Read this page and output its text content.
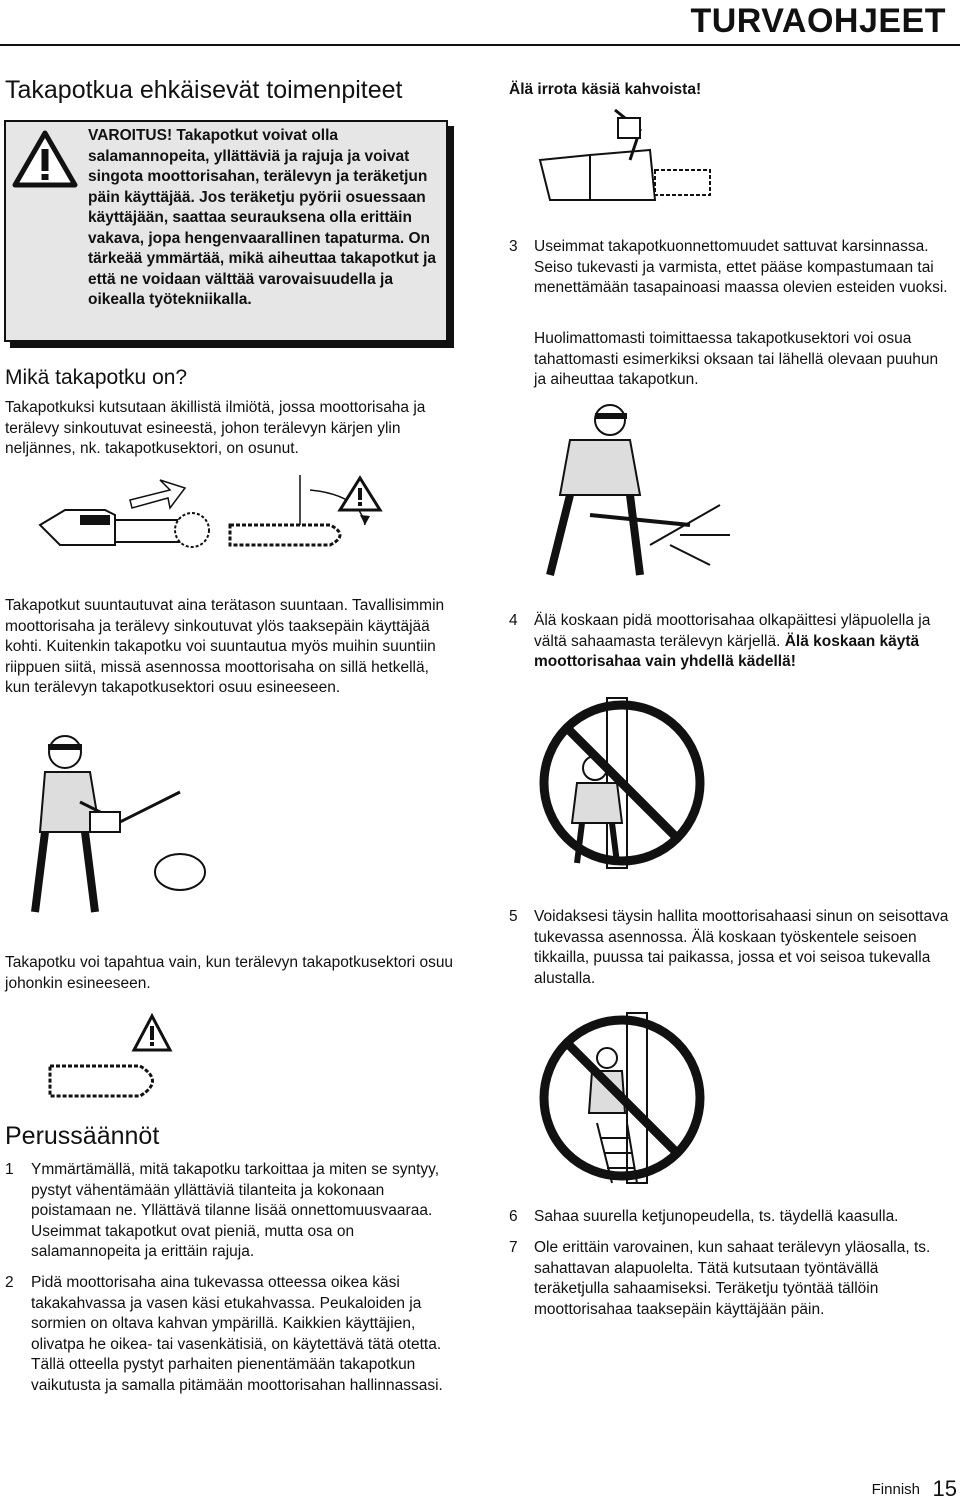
TURVAOHJEET
Takapotkua ehkäisevät toimenpiteet
VAROITUS! Takapotkut voivat olla salamannopeita, yllättäviä ja rajuja ja voivat singota moottorisahan, terälevyn ja teräketjun päin käyttäjää. Jos teräketju pyörii osuessaan käyttäjään, saattaa seurauksena olla erittäin vakava, jopa hengenvaarallinen tapaturma. On tärkeää ymmärtää, mikä aiheuttaa takapotkut ja että ne voidaan välttää varovaisuudella ja oikealla työtekniikalla.
Mikä takapotku on?

Takapotkuksi kutsutaan äkillistä ilmiötä, jossa moottorisaha ja terälevy sinkoutuvat esineestä, johon terälevyn kärjen ylin neljännes, nk. takapotkusektori, on osunut.

Takapotkut suuntautuvat aina terätason suuntaan. Tavallisimmin moottorisaha ja terälevy sinkoutuvat ylös taaksepäin käyttäjää kohti. Kuitenkin takapotku voi suuntautua myös muihin suuntiin riippuen siitä, missä asennossa moottorisaha on sillä hetkellä, kun terälevyn takapotkusektori osuu esineeseen.

Takapotku voi tapahtua vain, kun terälevyn takapotkusektori osuu johonkin esineeseen.

Perussäännöt
1 Ymmärtämällä, mitä takapotku tarkoittaa ja miten se syntyy, pystyt vähentämään yllättäviä tilanteita ja kokonaan poistamaan ne. Yllättävä tilanne lisää onnettomuusvaaraa. Useimmat takapotkut ovat pieniä, mutta osa on salamannopeita ja erittäin rajuja.
2 Pidä moottorisaha aina tukevassa otteessa oikea käsi takakahvassa ja vasen käsi etukahvassa. Peukaloiden ja sormien on oltava kahvan ympärillä. Kaikkien käyttäjien, olivatpa he oikea- tai vasenkätisiä, on käytettävä tätä otetta. Tällä otteella pystyt parhaiten pienentämään takapotkun vaikutusta ja samalla pitämään moottorisahan hallinnassasi.
Älä irrota käsiä kahvoista!
3 Useimmat takapotkuonnettomuudet sattuvat karsinnassa. Seiso tukevasti ja varmista, ettet pääse kompastumaan tai menettämään tasapainoasi maassa olevien esteiden vuoksi.
Huolimattomasti toimittaessa takapotkusektori voi osua tahattomasti esimerkiksi oksaan tai lähellä olevaan puuhun ja aiheuttaa takapotkun.
4 Älä koskaan pidä moottorisahaa olkapäittesi yläpuolella ja vältä sahaamasta terälevyn kärjellä. Älä koskaan käytä moottorisahaa vain yhdellä kädellä!
5 Voidaksesi täysin hallita moottorisahaasi sinun on seisottava tukevassa asennossa. Älä koskaan työskentele seisoen tikkailla, puussa tai paikassa, jossa et voi seisoa tukevalla alustalla.
6 Sahaa suurella ketjunopeudella, ts. täydellä kaasulla.
7 Ole erittäin varovainen, kun sahaat terälevyn yläosalla, ts. sahattavan alapuolelta. Tätä kutsutaan työntävällä teräketjulla sahaamiseksi. Teräketju työntää tällöin moottorisahaa taaksepäin käyttäjään päin.
Finnish 15
